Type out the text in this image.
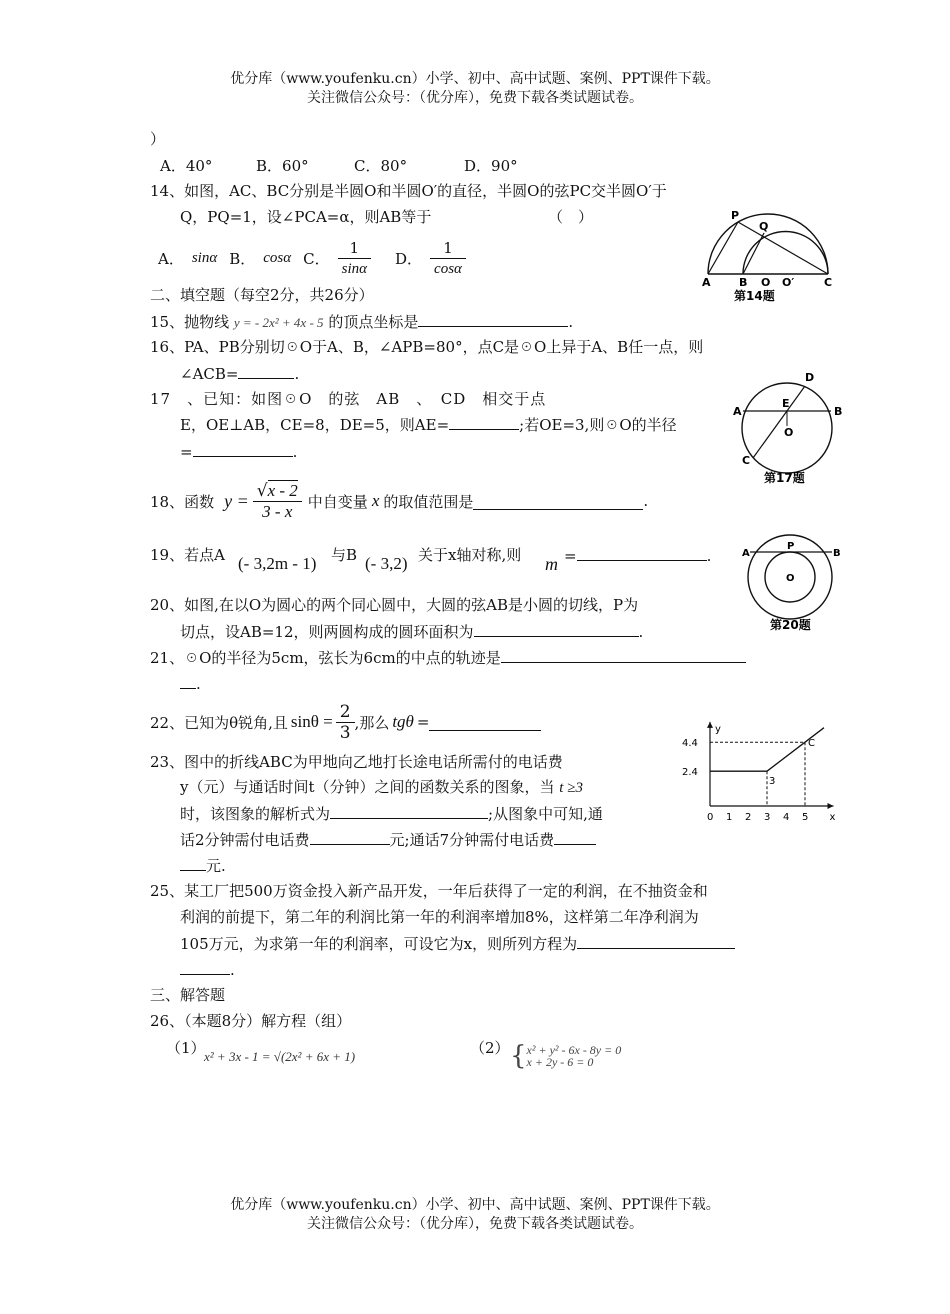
优分库（www.youfenku.cn）小学、初中、高中试题、案例、PPT课件下载。
关注微信公众号：（优分库），免费下载各类试题试卷。
）
A．40°	B．60°	C．80°	D．90°
14、如图，AC、BC分别是半圆O和半圆O′的直径，半圆O的弦PC交半圆O′于
Q，PQ=1，设∠PCA=α，则AB等于	（　）
A． sinα B． cosα C． $\frac{1}{\sin\alpha}$ D． $\frac{1}{\cos\alpha}$
P
Q
A	B O O′	C
第14题
二、填空题（每空2分，共26分）
15、抛物线 y = - 2x² + 4x - 5 的顶点坐标是	.
16、PA、PB分别切☉O于A、B，∠APB=80°，点C是☉O上异于A、B任一点，则
∠ACB=	.
17　、已知：如图☉O　的弦　AB　、　CD　相交于点
E，OE⊥AB，CE=8，DE=5，则AE=	;若OE=3,则☉O的半径
=	.
D
A
E
B
O
C
第17题
18、函数 $y = \frac{√x - 2}{3 - x}$ 中自变量 x 的取值范围是	.
19、若点A (- 3,2m - 1) 与B (- 3,2) 关于x轴对称,则 m =	.
20、如图,在以O为圆心的两个同心圆中，大圆的弦AB是小圆的切线，P为
切点，设AB=12，则两圆构成的圆环面积为	.
A
P
B
O
第20题
21、☉O的半径为5cm，弦长为6cm的中点的轨迹是
.
22、已知为θ锐角,且 $\sin\theta = \frac{2}{3}$ ,那么 tgθ =
23、图中的折线ABC为甲地向乙地打长途电话所需付的电话费
y（元）与通话时间t（分钟）之间的函数关系的图象，当 t ≥3
时，该图象的解析式为	;从图象中可知,通
话2分钟需付电话费	元;通话7分钟需付电话费
元.
x
y
0 1 2 3 4 5
2.4
4.4
3
C
25、某工厂把500万资金投入新产品开发，一年后获得了一定的利润，在不抽资金和
利润的前提下，第二年的利润比第一年的利润率增加8%，这样第二年净利润为
105万元，为求第一年的利润率，可设它为x，则所列方程为
.
三、解答题
26、（本题8分）解方程（组）
（1）
x² + 3x - 1 = √(2x² + 6x + 1)	（2） { x² + y² - 6x - 8y = 0
x + 2y - 6 = 0
优分库（www.youfenku.cn）小学、初中、高中试题、案例、PPT课件下载。
关注微信公众号：（优分库），免费下载各类试题试卷。
